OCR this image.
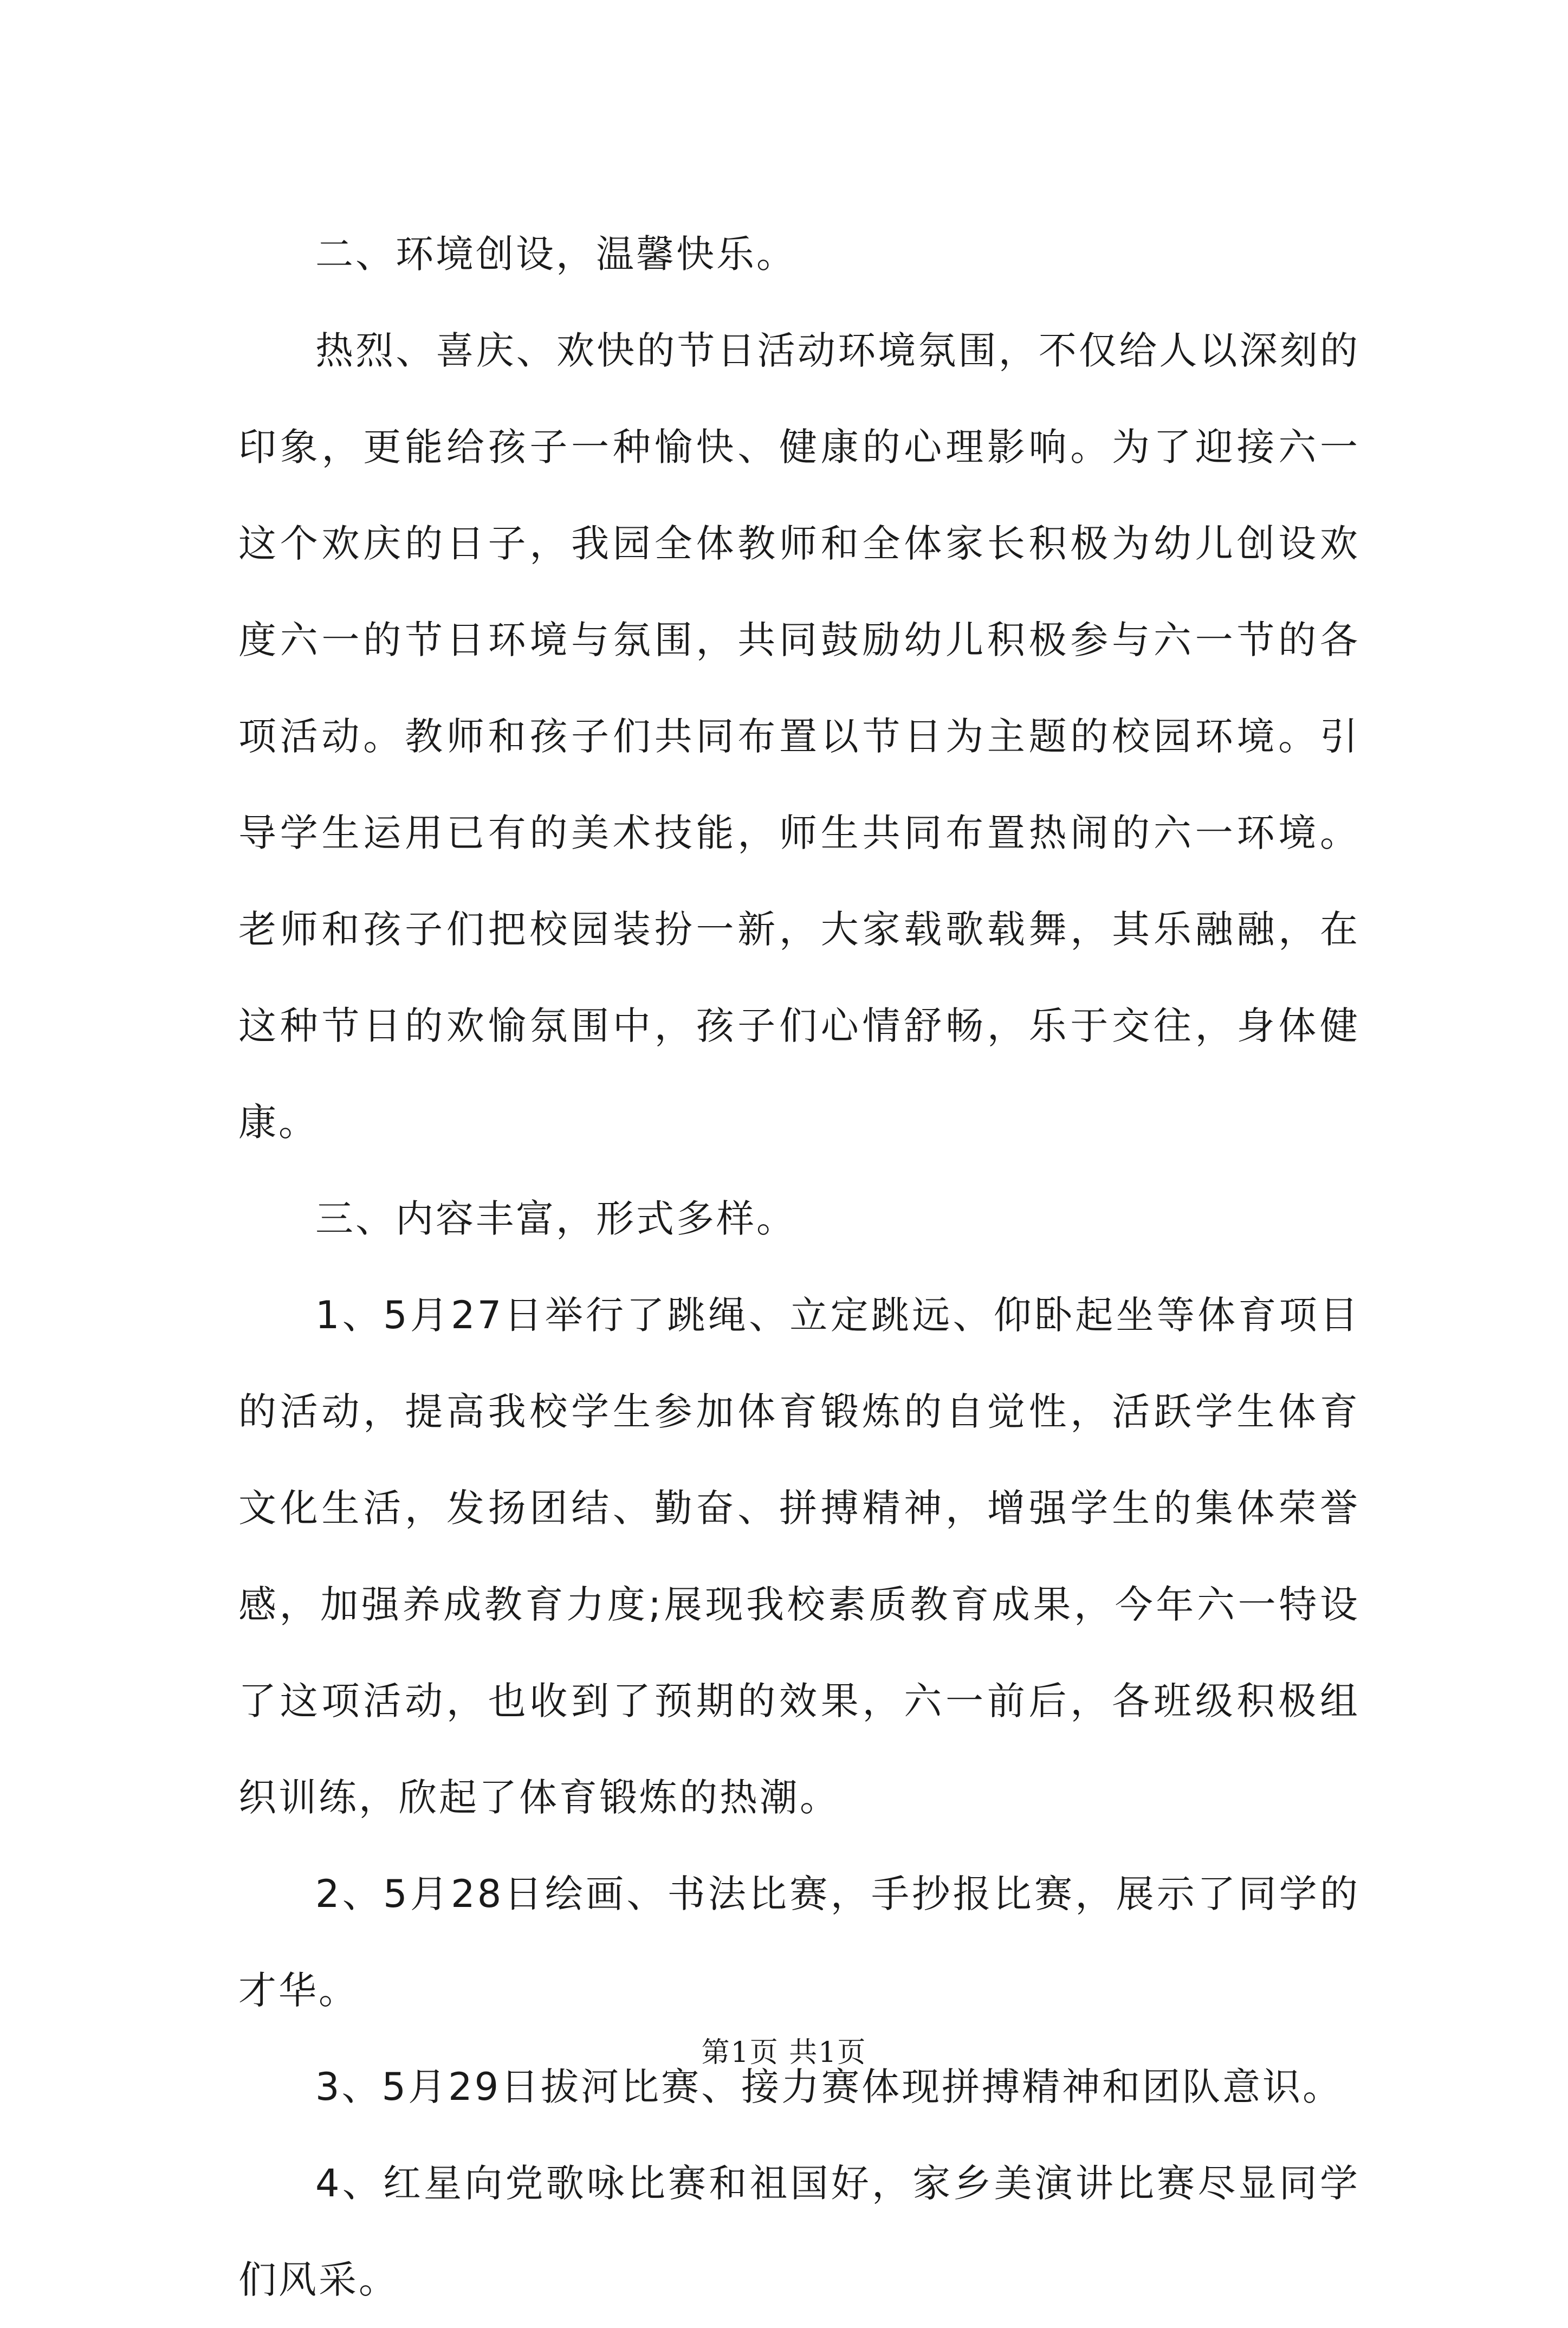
二、环境创设，温馨快乐。

热烈、喜庆、欢快的节日活动环境氛围，不仅给人以深刻的印象，更能给孩子一种愉快、健康的心理影响。为了迎接六一这个欢庆的日子，我园全体教师和全体家长积极为幼儿创设欢度六一的节日环境与氛围，共同鼓励幼儿积极参与六一节的各项活动。教师和孩子们共同布置以节日为主题的校园环境。引导学生运用已有的美术技能，师生共同布置热闹的六一环境。老师和孩子们把校园装扮一新，大家载歌载舞，其乐融融，在这种节日的欢愉氛围中，孩子们心情舒畅，乐于交往，身体健康。

三、内容丰富，形式多样。

1、5月27日举行了跳绳、立定跳远、仰卧起坐等体育项目的活动，提高我校学生参加体育锻炼的自觉性，活跃学生体育文化生活，发扬团结、勤奋、拼搏精神，增强学生的集体荣誉感，加强养成教育力度;展现我校素质教育成果，今年六一特设了这项活动，也收到了预期的效果，六一前后，各班级积极组织训练，欣起了体育锻炼的热潮。

2、5月28日绘画、书法比赛，手抄报比赛，展示了同学的才华。

3、5月29日拔河比赛、接力赛体现拼搏精神和团队意识。

4、红星向党歌咏比赛和祖国好，家乡美演讲比赛尽显同学们风采。

第1页 共1页
